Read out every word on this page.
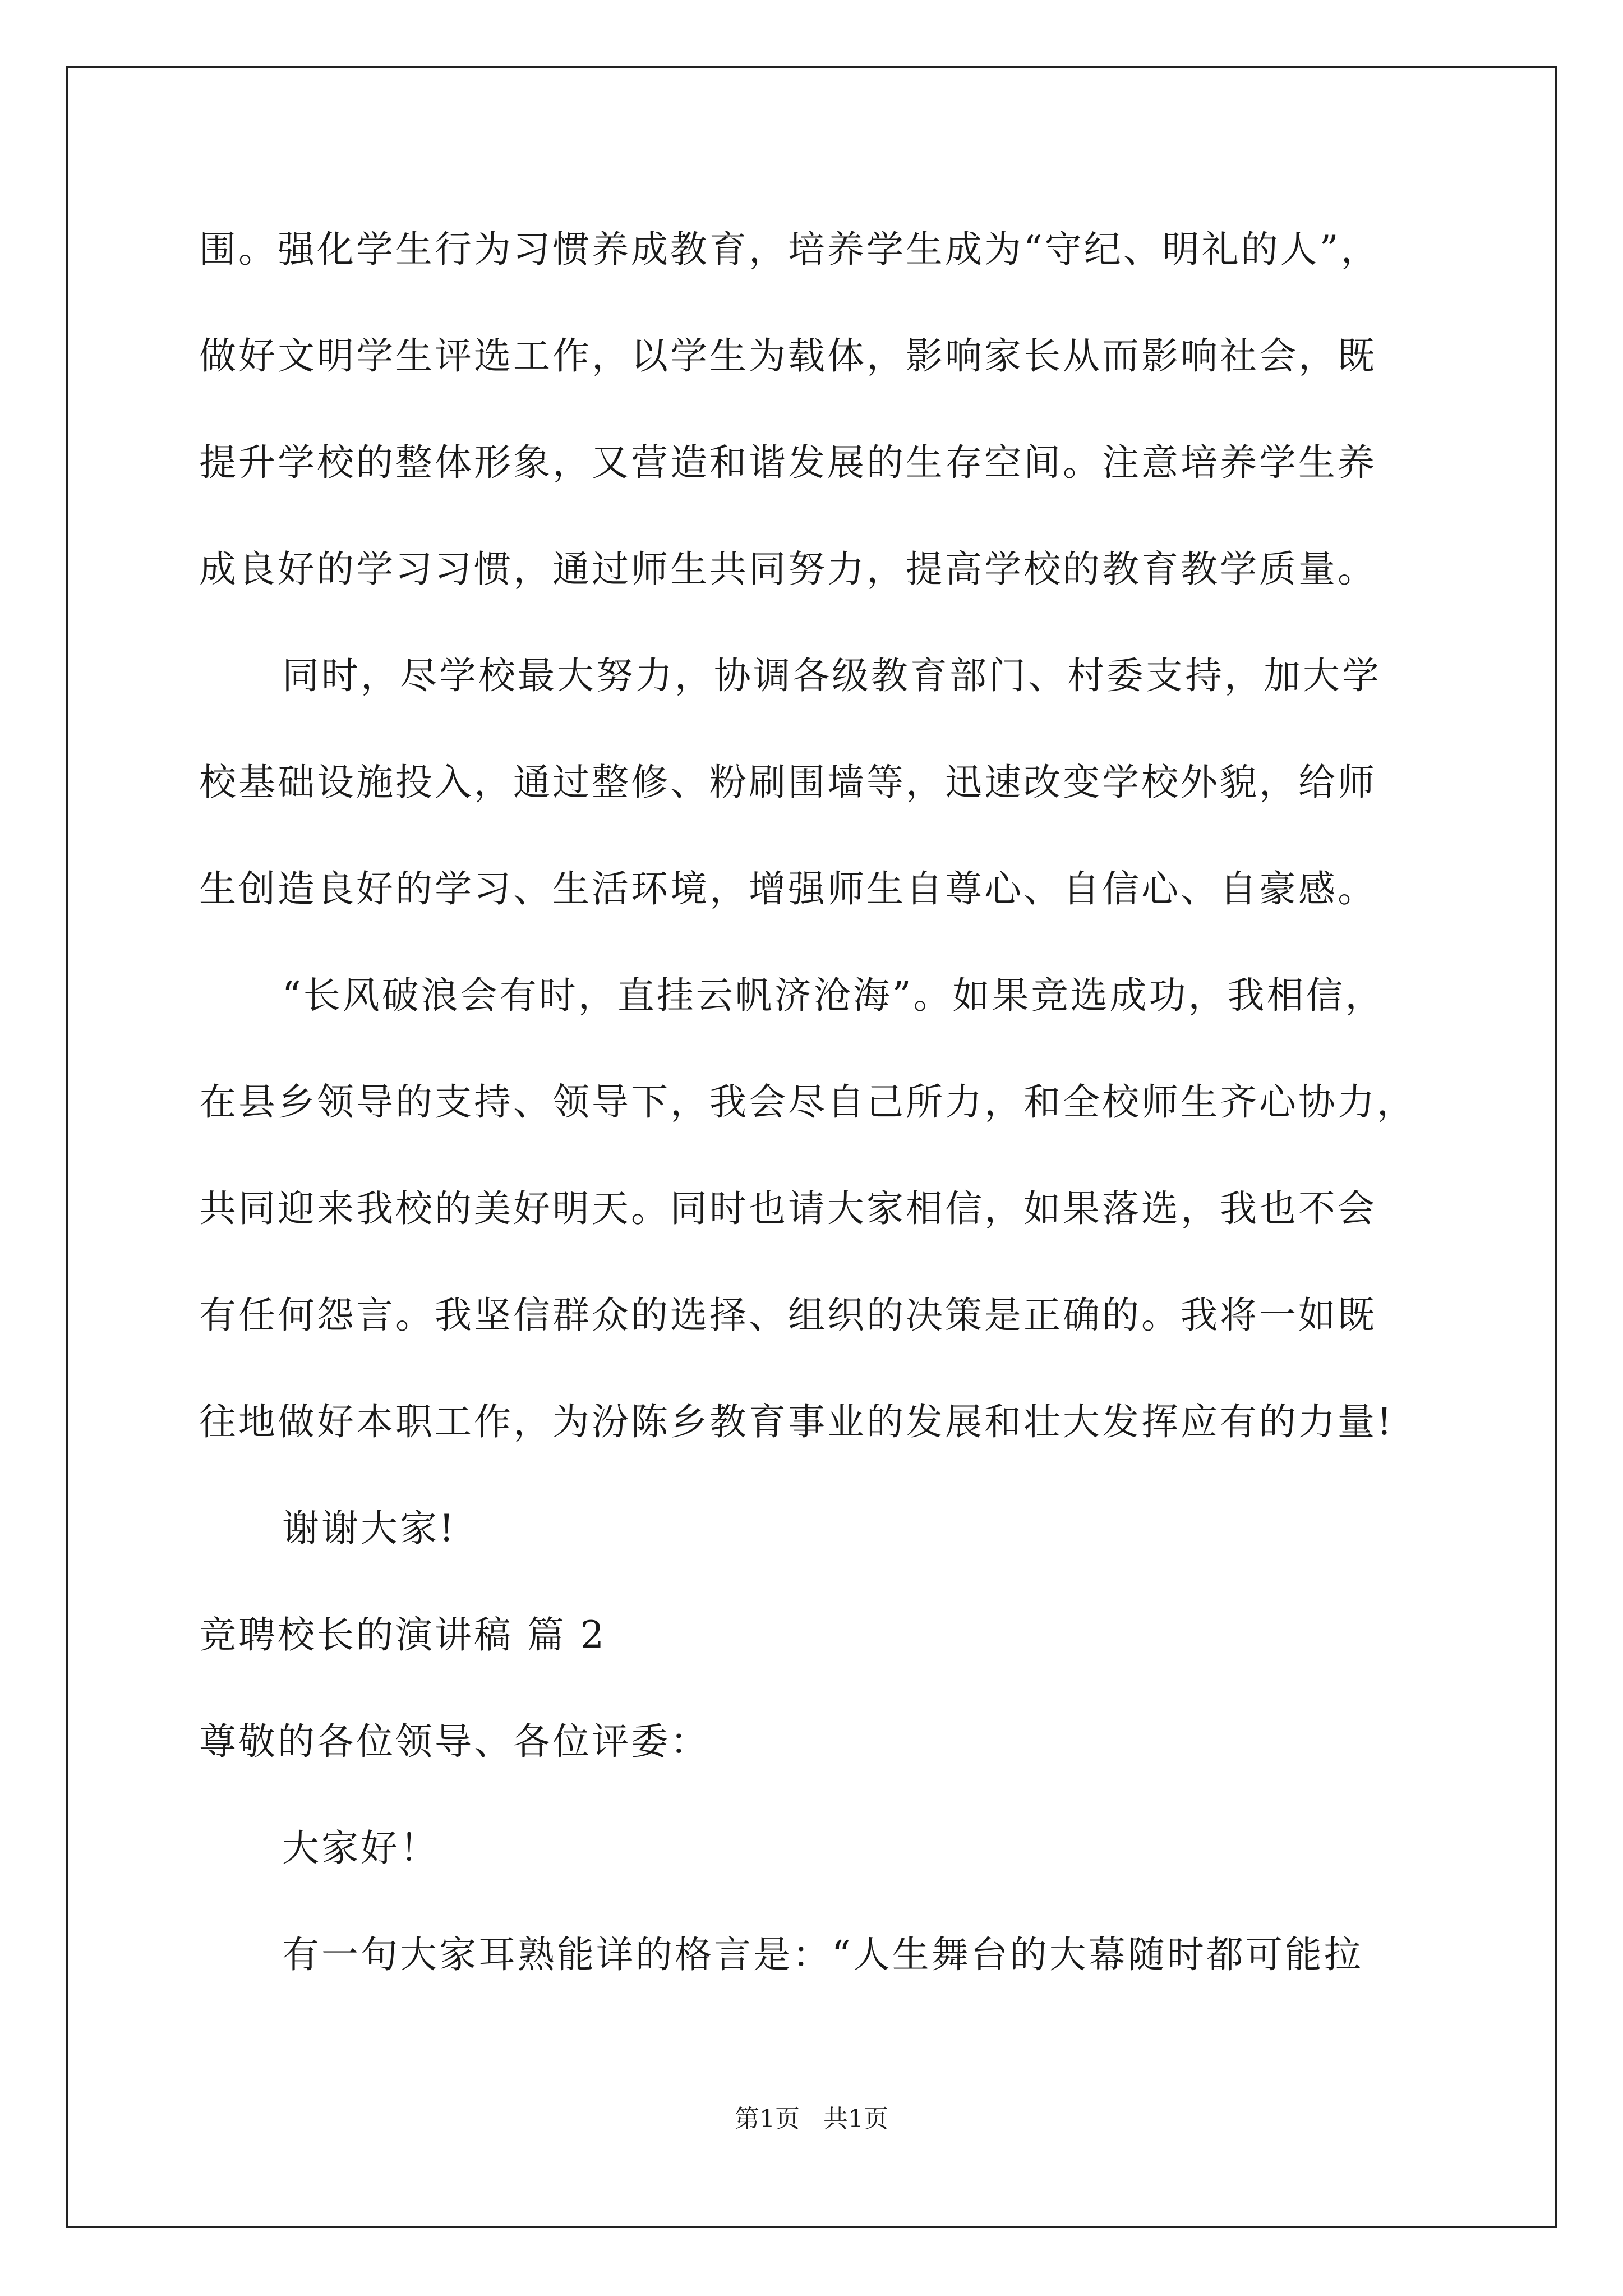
围。强化学生行为习惯养成教育，培养学生成为“守纪、明礼的人”，
做好文明学生评选工作，以学生为载体，影响家长从而影响社会，既
提升学校的整体形象，又营造和谐发展的生存空间。注意培养学生养
成良好的学习习惯，通过师生共同努力，提高学校的教育教学质量。
同时，尽学校最大努力，协调各级教育部门、村委支持，加大学
校基础设施投入，通过整修、粉刷围墙等，迅速改变学校外貌，给师
生创造良好的学习、生活环境，增强师生自尊心、自信心、自豪感。
“长风破浪会有时，直挂云帆济沧海”。如果竞选成功，我相信，
在县乡领导的支持、领导下，我会尽自己所力，和全校师生齐心协力，
共同迎来我校的美好明天。同时也请大家相信，如果落选，我也不会
有任何怨言。我坚信群众的选择、组织的决策是正确的。我将一如既
往地做好本职工作，为汾陈乡教育事业的发展和壮大发挥应有的力量!
谢谢大家!
竞聘校长的演讲稿 篇 2
尊敬的各位领导、各位评委：
大家好！
有一句大家耳熟能详的格言是：“人生舞台的大幕随时都可能拉
第1页 共1页
